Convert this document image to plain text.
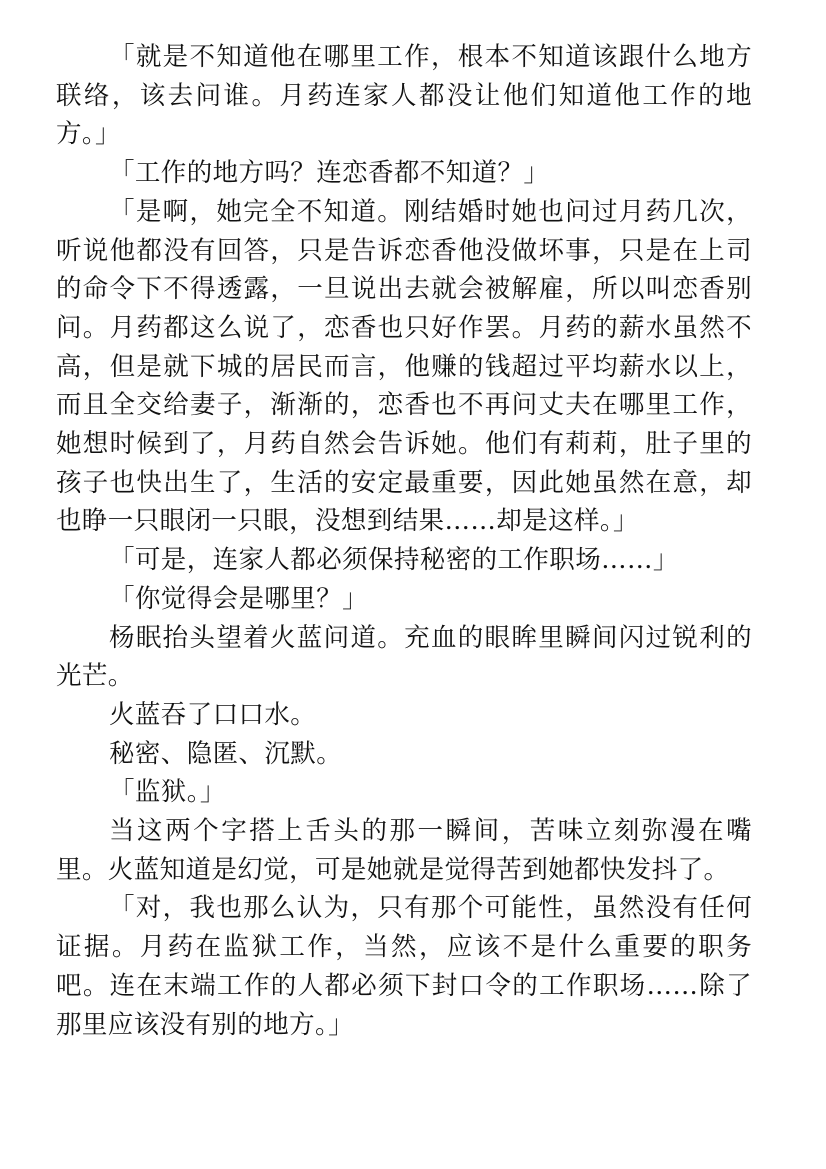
「就是不知道他在哪里工作，根本不知道该跟什么地方联络，该去问谁。月药连家人都没让他们知道他工作的地方。」

「工作的地方吗？连恋香都不知道？」

「是啊，她完全不知道。刚结婚时她也问过月药几次，听说他都没有回答，只是告诉恋香他没做坏事，只是在上司的命令下不得透露，一旦说出去就会被解雇，所以叫恋香别问。月药都这么说了，恋香也只好作罢。月药的薪水虽然不高，但是就下城的居民而言，他赚的钱超过平均薪水以上，而且全交给妻子，渐渐的，恋香也不再问丈夫在哪里工作，她想时候到了，月药自然会告诉她。他们有莉莉，肚子里的孩子也快出生了，生活的安定最重要，因此她虽然在意，却也睁一只眼闭一只眼，没想到结果……却是这样。」

「可是，连家人都必须保持秘密的工作职场……」

「你觉得会是哪里？」

杨眠抬头望着火蓝问道。充血的眼眸里瞬间闪过锐利的光芒。

火蓝吞了口口水。

秘密、隐匿、沉默。

「监狱。」

当这两个字搭上舌头的那一瞬间，苦味立刻弥漫在嘴里。火蓝知道是幻觉，可是她就是觉得苦到她都快发抖了。

「对，我也那么认为，只有那个可能性，虽然没有任何证据。月药在监狱工作，当然，应该不是什么重要的职务吧。连在末端工作的人都必须下封口令的工作职场……除了那里应该没有别的地方。」
